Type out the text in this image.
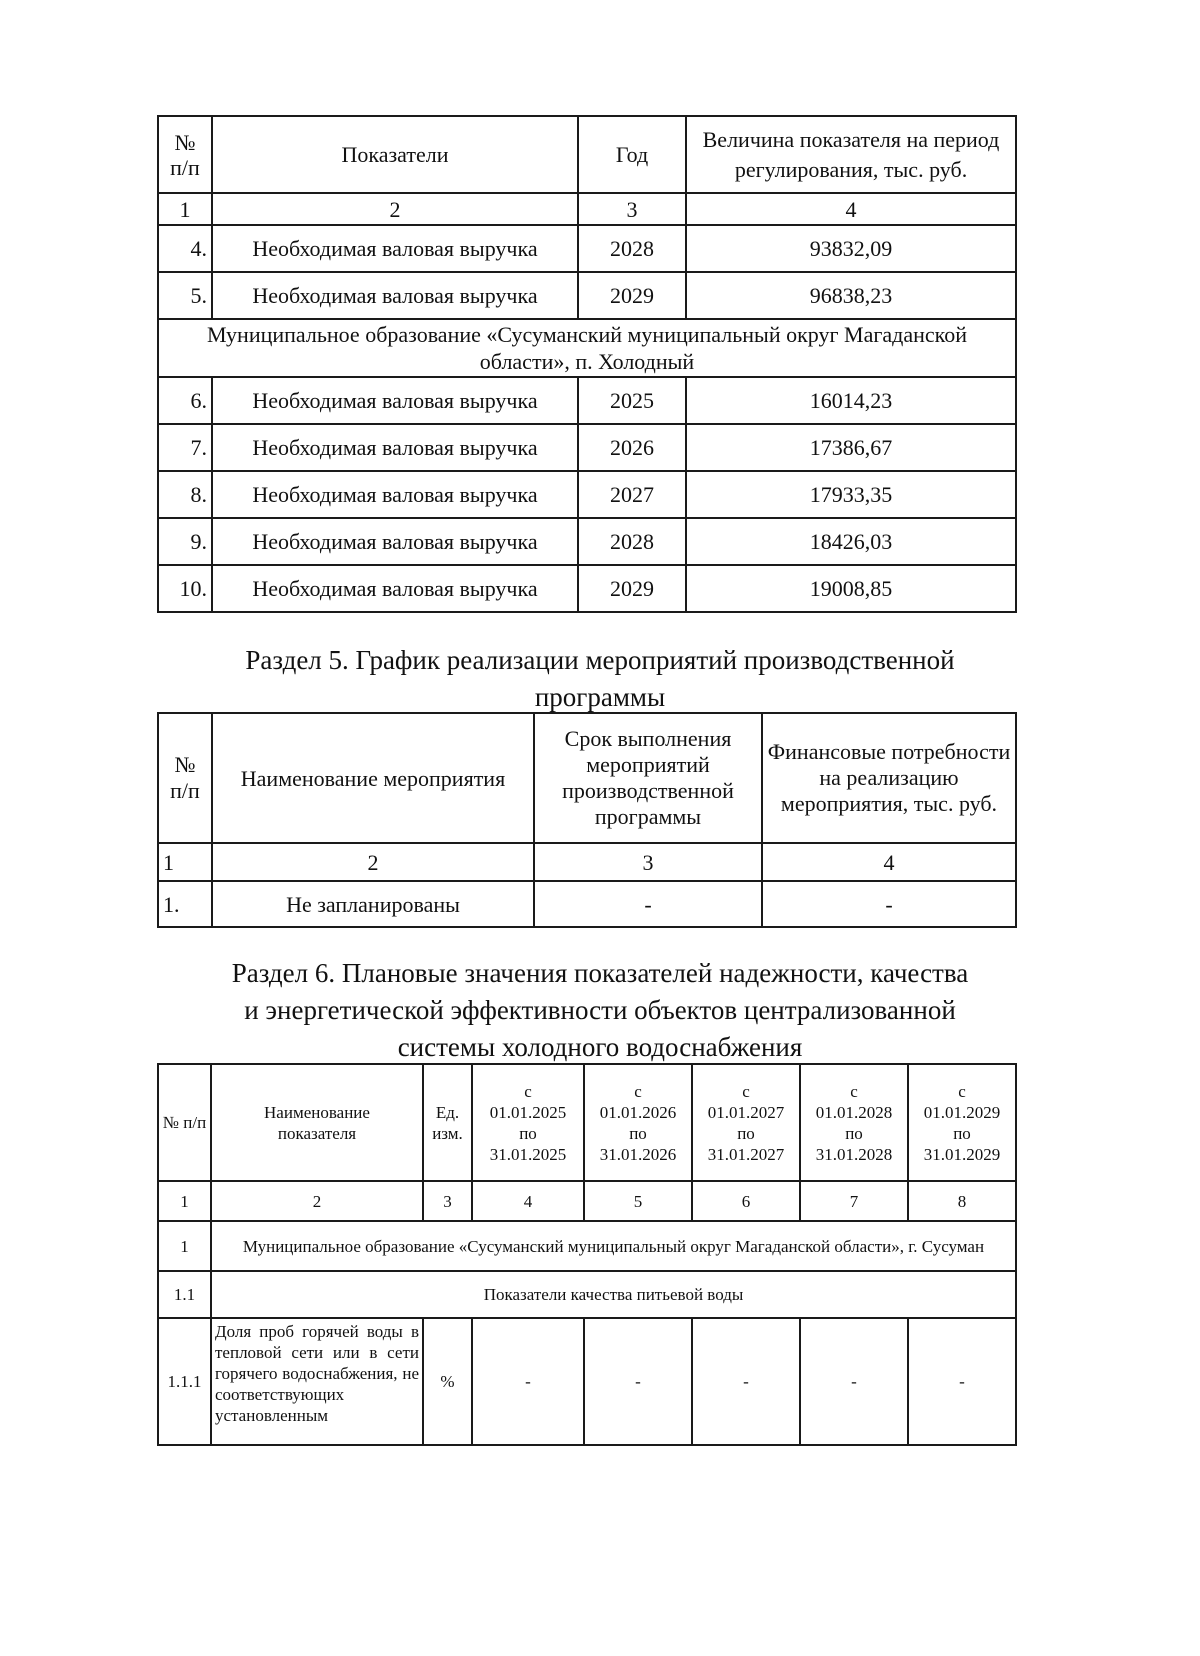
№ п/п	Показатели	Год	Величина показателя на период регулирования, тыс. руб.
1	2	3	4
4.	Необходимая валовая выручка	2028	93832,09
5.	Необходимая валовая выручка	2029	96838,23
Муниципальное образование «Сусуманский муниципальный округ Магаданской области», п. Холодный			
6.	Необходимая валовая выручка	2025	16014,23
7.	Необходимая валовая выручка	2026	17386,67
8.	Необходимая валовая выручка	2027	17933,35
9.	Необходимая валовая выручка	2028	18426,03
10.	Необходимая валовая выручка	2029	19008,85
Раздел 5. График реализации мероприятий производственной программы
№ п/п	Наименование мероприятия	Срок выполнения мероприятий производственной программы	Финансовые потребности на реализацию мероприятия, тыс. руб.
1	2	3	4
1.	Не запланированы	-	-
Раздел 6. Плановые значения показателей надежности, качества и энергетической эффективности объектов централизованной системы холодного водоснабжения
№ п/п	Наименование показателя	Ед. изм.	с
01.01.2025
по
31.01.2025	с
01.01.2026
по
31.01.2026	с
01.01.2027
по
31.01.2027	с
01.01.2028
по
31.01.2028	с
01.01.2029
по
31.01.2029

1	2	3	4	5	6	7	8
1	Муниципальное образование «Сусуманский муниципальный округ Магаданской области», г. Сусуман						
1.1	Показатели качества питьевой воды						
1.1.1	Доля проб горячей воды в тепловой сети или в сети горячего водоснабжения, не соответствующих установленным	%	-	-	-	-	-
